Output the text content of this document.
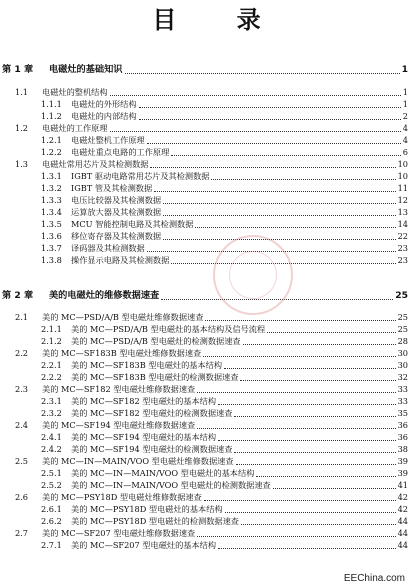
目 录
第 1 章	电磁灶的基础知识	1
1.1	电磁灶的整机结构	1
1.1.1	电磁灶的外形结构	1
1.1.2	电磁灶的内部结构	2
1.2	电磁灶的工作原理	4
1.2.1	电磁灶整机工作原理	4
1.2.2	电磁灶重点电路的工作原理	6
1.3	电磁灶常用芯片及其检测数据	10
1.3.1	IGBT 驱动电路常用芯片及其检测数据	10
1.3.2	IGBT 管及其检测数据	11
1.3.3	电压比较器及其检测数据	12
1.3.4	运算放大器及其检测数据	13
1.3.5	MCU 智能控制电路及其检测数据	14
1.3.6	移位寄存器及其检测数据	22
1.3.7	译码器及其检测数据	23
1.3.8	操作显示电路及其检测数据	23
第 2 章	美的电磁灶的维修数据速查	25
2.1	美的 MC—PSD/A/B 型电磁灶维修数据速查	25
2.1.1	美的 MC—PSD/A/B 型电磁灶的基本结构及信号流程	25
2.1.2	美的 MC—PSD/A/B 型电磁灶的检测数据速查	28
2.2	美的 MC—SF183B 型电磁灶维修数据速查	30
2.2.1	美的 MC—SF183B 型电磁灶的基本结构	30
2.2.2	美的 MC—SF183B 型电磁灶的检测数据速查	32
2.3	美的 MC—SF182 型电磁灶维修数据速查	33
2.3.1	美的 MC—SF182 型电磁灶的基本结构	33
2.3.2	美的 MC—SF182 型电磁灶的检测数据速查	35
2.4	美的 MC—SF194 型电磁灶维修数据速查	36
2.4.1	美的 MC—SF194 型电磁灶的基本结构	36
2.4.2	美的 MC—SF194 型电磁灶的检测数据速查	38
2.5	美的 MC—IN—MAIN/VOO 型电磁灶维修数据速查	39
2.5.1	美的 MC—IN—MAIN/VOO 型电磁灶的基本结构	39
2.5.2	美的 MC—IN—MAIN/VOO 型电磁灶的检测数据速查	41
2.6	美的 MC—PSY18D 型电磁灶维修数据速查	42
2.6.1	美的 MC—PSY18D 型电磁灶的基本结构	42
2.6.2	美的 MC—PSY18D 型电磁灶的检测数据速查	44
2.7	美的 MC—SF207 型电磁灶维修数据速查	44
2.7.1	美的 MC—SF207 型电磁灶的基本结构	44
EEChina.com
